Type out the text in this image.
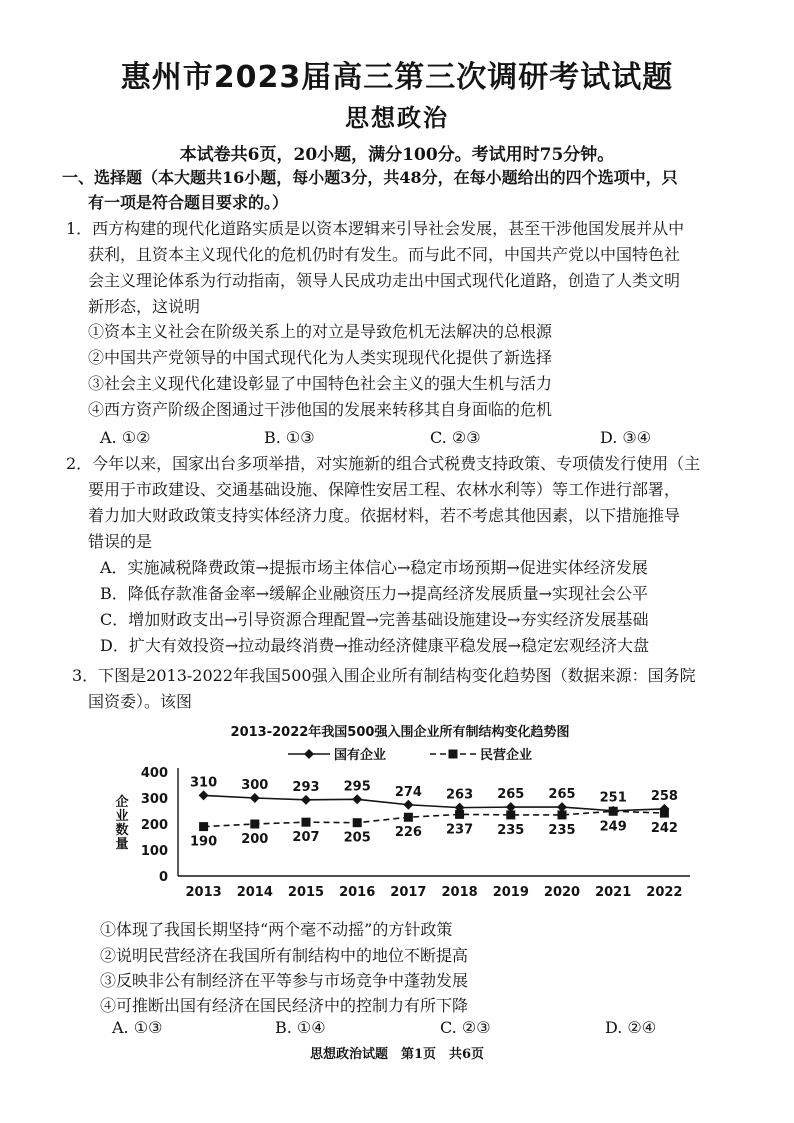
惠州市2023届高三第三次调研考试试题
思想政治
本试卷共6页，20小题，满分100分。考试用时75分钟。
一、选择题（本大题共16小题，每小题3分，共48分，在每小题给出的四个选项中，只
有一项是符合题目要求的。）
1．西方构建的现代化道路实质是以资本逻辑来引导社会发展，甚至干涉他国发展并从中
获利，且资本主义现代化的危机仍时有发生。而与此不同，中国共产党以中国特色社
会主义理论体系为行动指南，领导人民成功走出中国式现代化道路，创造了人类文明
新形态，这说明
①资本主义社会在阶级关系上的对立是导致危机无法解决的总根源
②中国共产党领导的中国式现代化为人类实现现代化提供了新选择
③社会主义现代化建设彰显了中国特色社会主义的强大生机与活力
④西方资产阶级企图通过干涉他国的发展来转移其自身面临的危机
A. ①②	B. ①③	C. ②③	D. ③④
2．今年以来，国家出台多项举措，对实施新的组合式税费支持政策、专项债发行使用（主
要用于市政建设、交通基础设施、保障性安居工程、农林水利等）等工作进行部署，
着力加大财政政策支持实体经济力度。依据材料，若不考虑其他因素，以下措施推导
错误的是
A．实施减税降费政策→提振市场主体信心→稳定市场预期→促进实体经济发展
B．降低存款准备金率→缓解企业融资压力→提高经济发展质量→实现社会公平
C．增加财政支出→引导资源合理配置→完善基础设施建设→夯实经济发展基础
D．扩大有效投资→拉动最终消费→推动经济健康平稳发展→稳定宏观经济大盘
3．下图是2013-2022年我国500强入围企业所有制结构变化趋势图（数据来源：国务院
国资委）。该图
2013-2022年我国500强入围企业所有制结构变化趋势图
0
100
200
300
400
企
业
数
量
2013 2014 2015 2016 2017 2018 2019 2020 2021 2022
310 300 293 295 274 263 265 265 251 258
190 200 207 205 226 237 235 235 249 242
国有企业	民营企业
①体现了我国长期坚持“两个毫不动摇”的方针政策
②说明民营经济在我国所有制结构中的地位不断提高
③反映非公有制经济在平等参与市场竞争中蓬勃发展
④可推断出国有经济在国民经济中的控制力有所下降
A. ①③	B. ①④	C. ②③	D. ②④
思想政治试题　第1页　共6页
